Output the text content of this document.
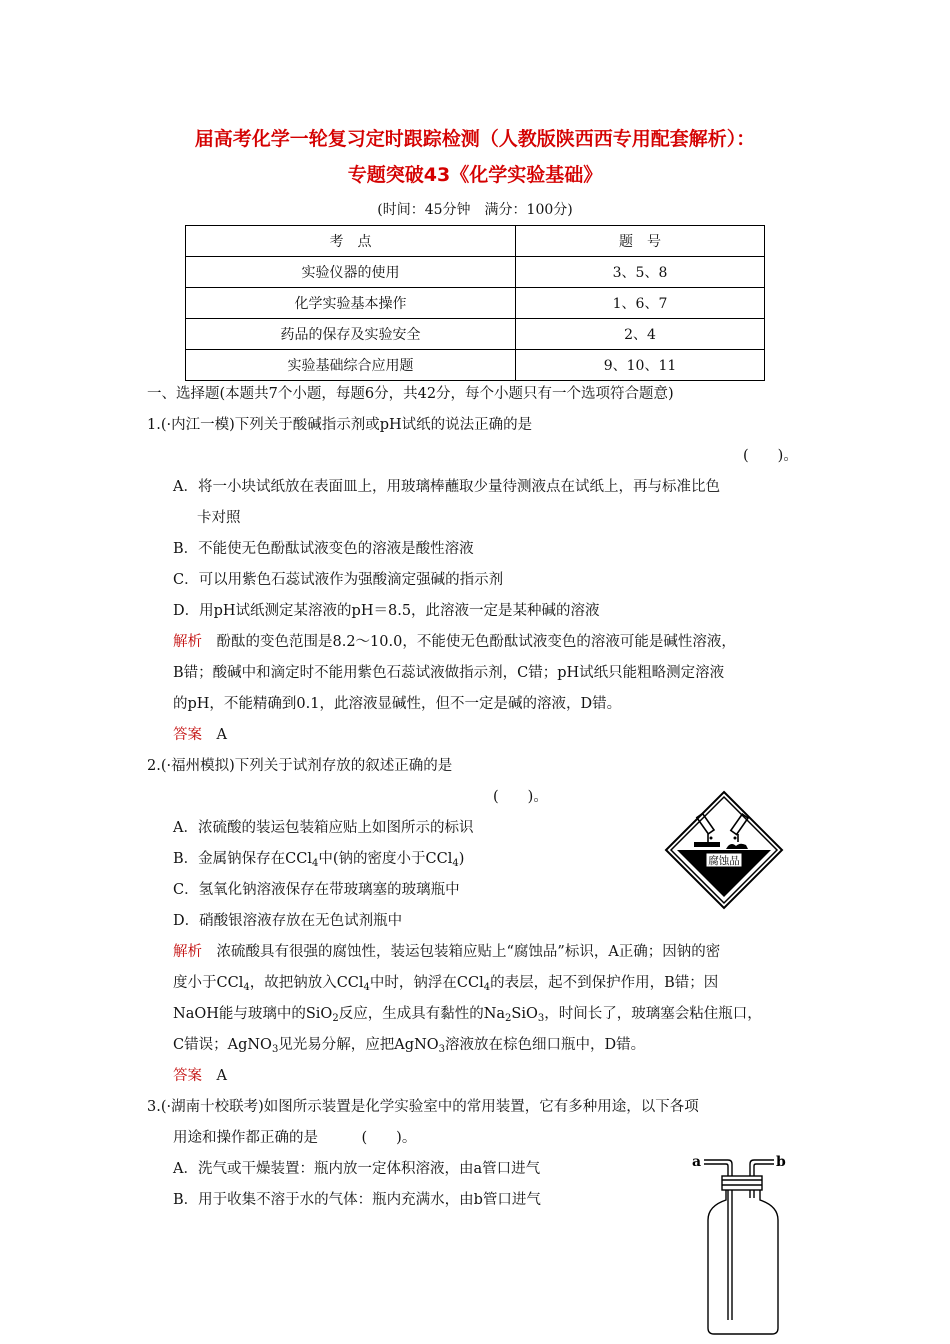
届高考化学一轮复习定时跟踪检测（人教版陕西西专用配套解析）：
专题突破43《化学实验基础》
(时间：45分钟　满分：100分)
考　点	题　号
实验仪器的使用	3、5、8
化学实验基本操作	1、6、7
药品的保存及实验安全	2、4
实验基础综合应用题	9、10、11
一、选择题(本题共7个小题，每题6分，共42分，每个小题只有一个选项符合题意)
1.(·内江一模)下列关于酸碱指示剂或pH试纸的说法正确的是
(　　)。
A．将一小块试纸放在表面皿上，用玻璃棒蘸取少量待测液点在试纸上，再与标准比色
卡对照
B．不能使无色酚酞试液变色的溶液是酸性溶液
C．可以用紫色石蕊试液作为强酸滴定强碱的指示剂
D．用pH试纸测定某溶液的pH＝8.5，此溶液一定是某种碱的溶液
解析　 酚酞的变色范围是8.2～10.0，不能使无色酚酞试液变色的溶液可能是碱性溶液，
B错；酸碱中和滴定时不能用紫色石蕊试液做指示剂，C错；pH试纸只能粗略测定溶液
的pH，不能精确到0.1，此溶液显碱性，但不一定是碱的溶液，D错。
答案　 A
2.(·福州模拟)下列关于试剂存放的叙述正确的是
(　　)。
A．浓硫酸的装运包装箱应贴上如图所示的标识
B．金属钠保存在CCl$_4$中(钠的密度小于CCl$_4$)
C．氢氧化钠溶液保存在带玻璃塞的玻璃瓶中
D．硝酸银溶液存放在无色试剂瓶中
腐蚀品
解析　 浓硫酸具有很强的腐蚀性，装运包装箱应贴上“腐蚀品”标识，A正确；因钠的密
度小于CCl$_4$，故把钠放入CCl$_4$中时，钠浮在CCl$_4$的表层，起不到保护作用，B错；因
NaOH能与玻璃中的SiO$_2$反应，生成具有黏性的$Na_2SiO_3$，时间长了，玻璃塞会粘住瓶口，
C错误；AgNO$_3$见光易分解，应把AgNO$_3$溶液放在棕色细口瓶中，D错。
答案　 A
3.(·湖南十校联考)如图所示装置是化学实验室中的常用装置，它有多种用途，以下各项
用途和操作都正确的是　　　(　　)。
A．洗气或干燥装置：瓶内放一定体积溶液，由a管口进气
B．用于收集不溶于水的气体：瓶内充满水，由b管口进气
a	b
